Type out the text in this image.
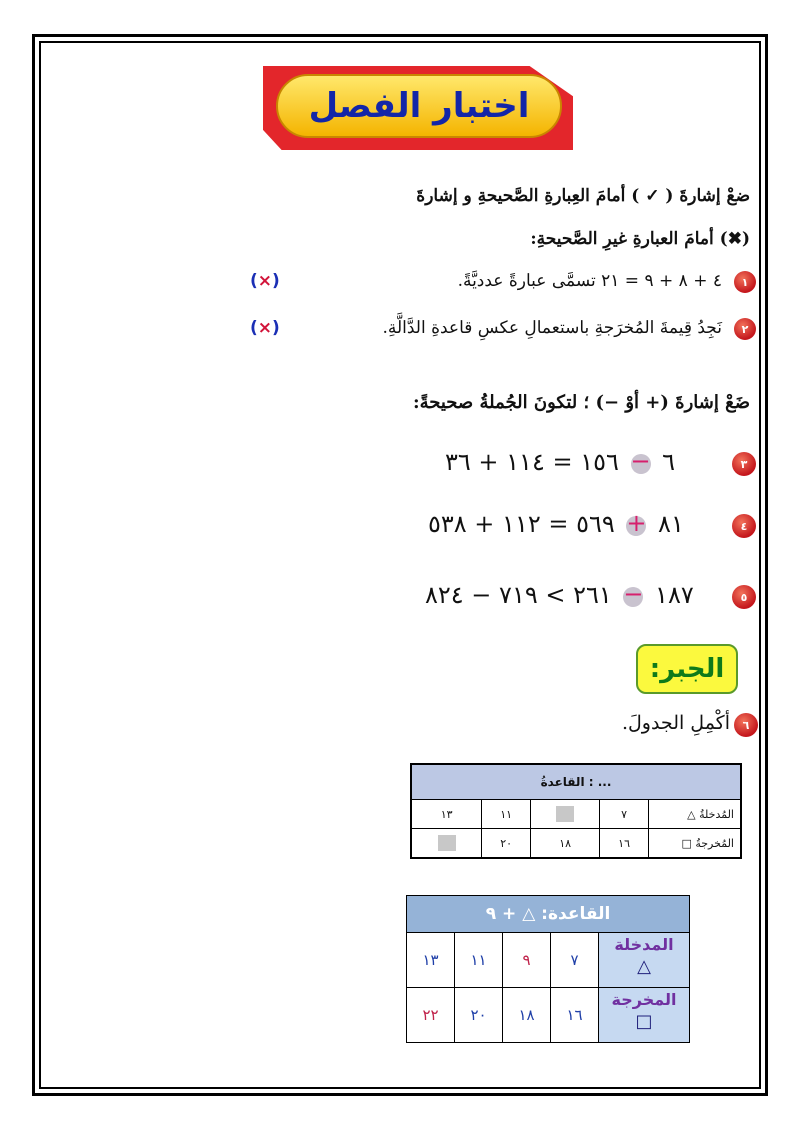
اختبار الفصل
ضعْ إشارةَ ( ✓ ) أمامَ العِبارةِ الصَّحيحةِ و إشارةَ
(✖) أمامَ العبارةِ غيرِ الصَّحيحةِ:
١
٤ + ٨ + ٩ = ٢١ تسمَّى عبارةً عدديَّةً.
(×)
٢
نَجِدُ قِيمةَ المُخرَجةِ باستعمالِ عكسِ قاعدةِ الدَّالَّةِ.
(×)
ضَعْ إشارةَ (+ أوْ −) ؛ لتكونَ الجُملةُ صحيحةً:
٣
٦
−
١٥٦ = ١١٤ + ٣٦
٤
٨١
+
٥٦٩ = ١١٢ + ٥٣٨
٥
١٨٧
−
٢٦١ > ٧١٩ − ٨٢٤
الجبر:
٦
أكْمِلِ الجدولَ.
القاعدةُ : ...				
١٣	١١		٧	المُدخلةُ △
	٢٠	١٨	١٦	المُخرجةُ □
القاعدة: △ + ٩				
١٣	١١	٩	٧	المدخلة
△

٢٢	٢٠	١٨	١٦	المخرجة
□
